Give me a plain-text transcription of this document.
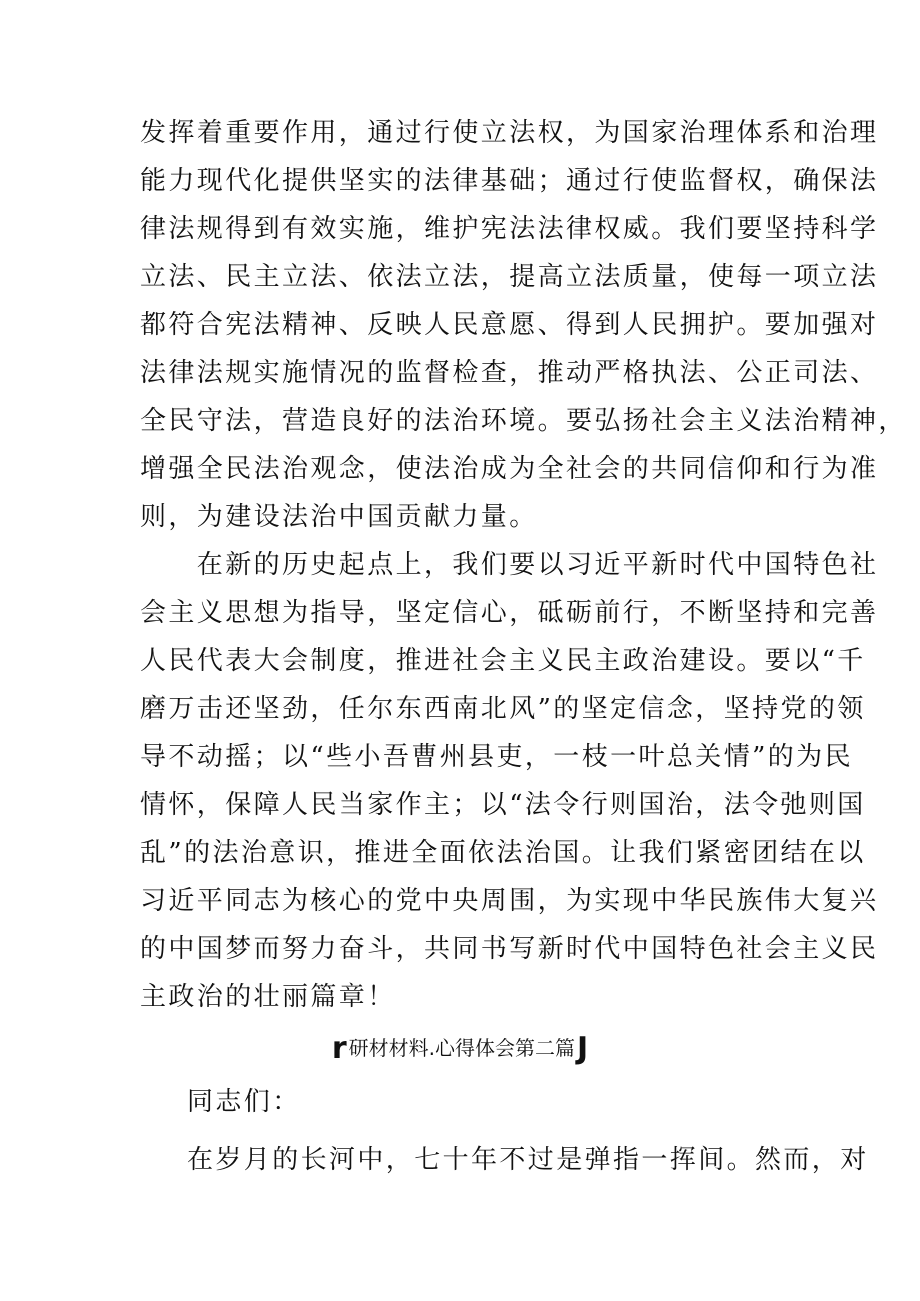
发挥着重要作用，通过行使立法权，为国家治理体系和治理
能力现代化提供坚实的法律基础；通过行使监督权，确保法
律法规得到有效实施，维护宪法法律权威。我们要坚持科学
立法、民主立法、依法立法，提高立法质量，使每一项立法
都符合宪法精神、反映人民意愿、得到人民拥护。要加强对
法律法规实施情况的监督检查，推动严格执法、公正司法、
全民守法，营造良好的法治环境。要弘扬社会主义法治精神，
增强全民法治观念，使法治成为全社会的共同信仰和行为准
则，为建设法治中国贡献力量。
　　在新的历史起点上，我们要以习近平新时代中国特色社
会主义思想为指导，坚定信心，砥砺前行，不断坚持和完善
人民代表大会制度，推进社会主义民主政治建设。要以“千
磨万击还坚劲，任尔东西南北风”的坚定信念，坚持党的领
导不动摇；以“些小吾曹州县吏，一枝一叶总关情”的为民
情怀，保障人民当家作主；以“法令行则国治，法令弛则国
乱”的法治意识，推进全面依法治国。让我们紧密团结在以
习近平同志为核心的党中央周围，为实现中华民族伟大复兴
的中国梦而努力奋斗，共同书写新时代中国特色社会主义民
主政治的壮丽篇章！
r研材材料.心得体会第二篇J
同志们：
在岁月的长河中，七十年不过是弹指一挥间。然而，对
